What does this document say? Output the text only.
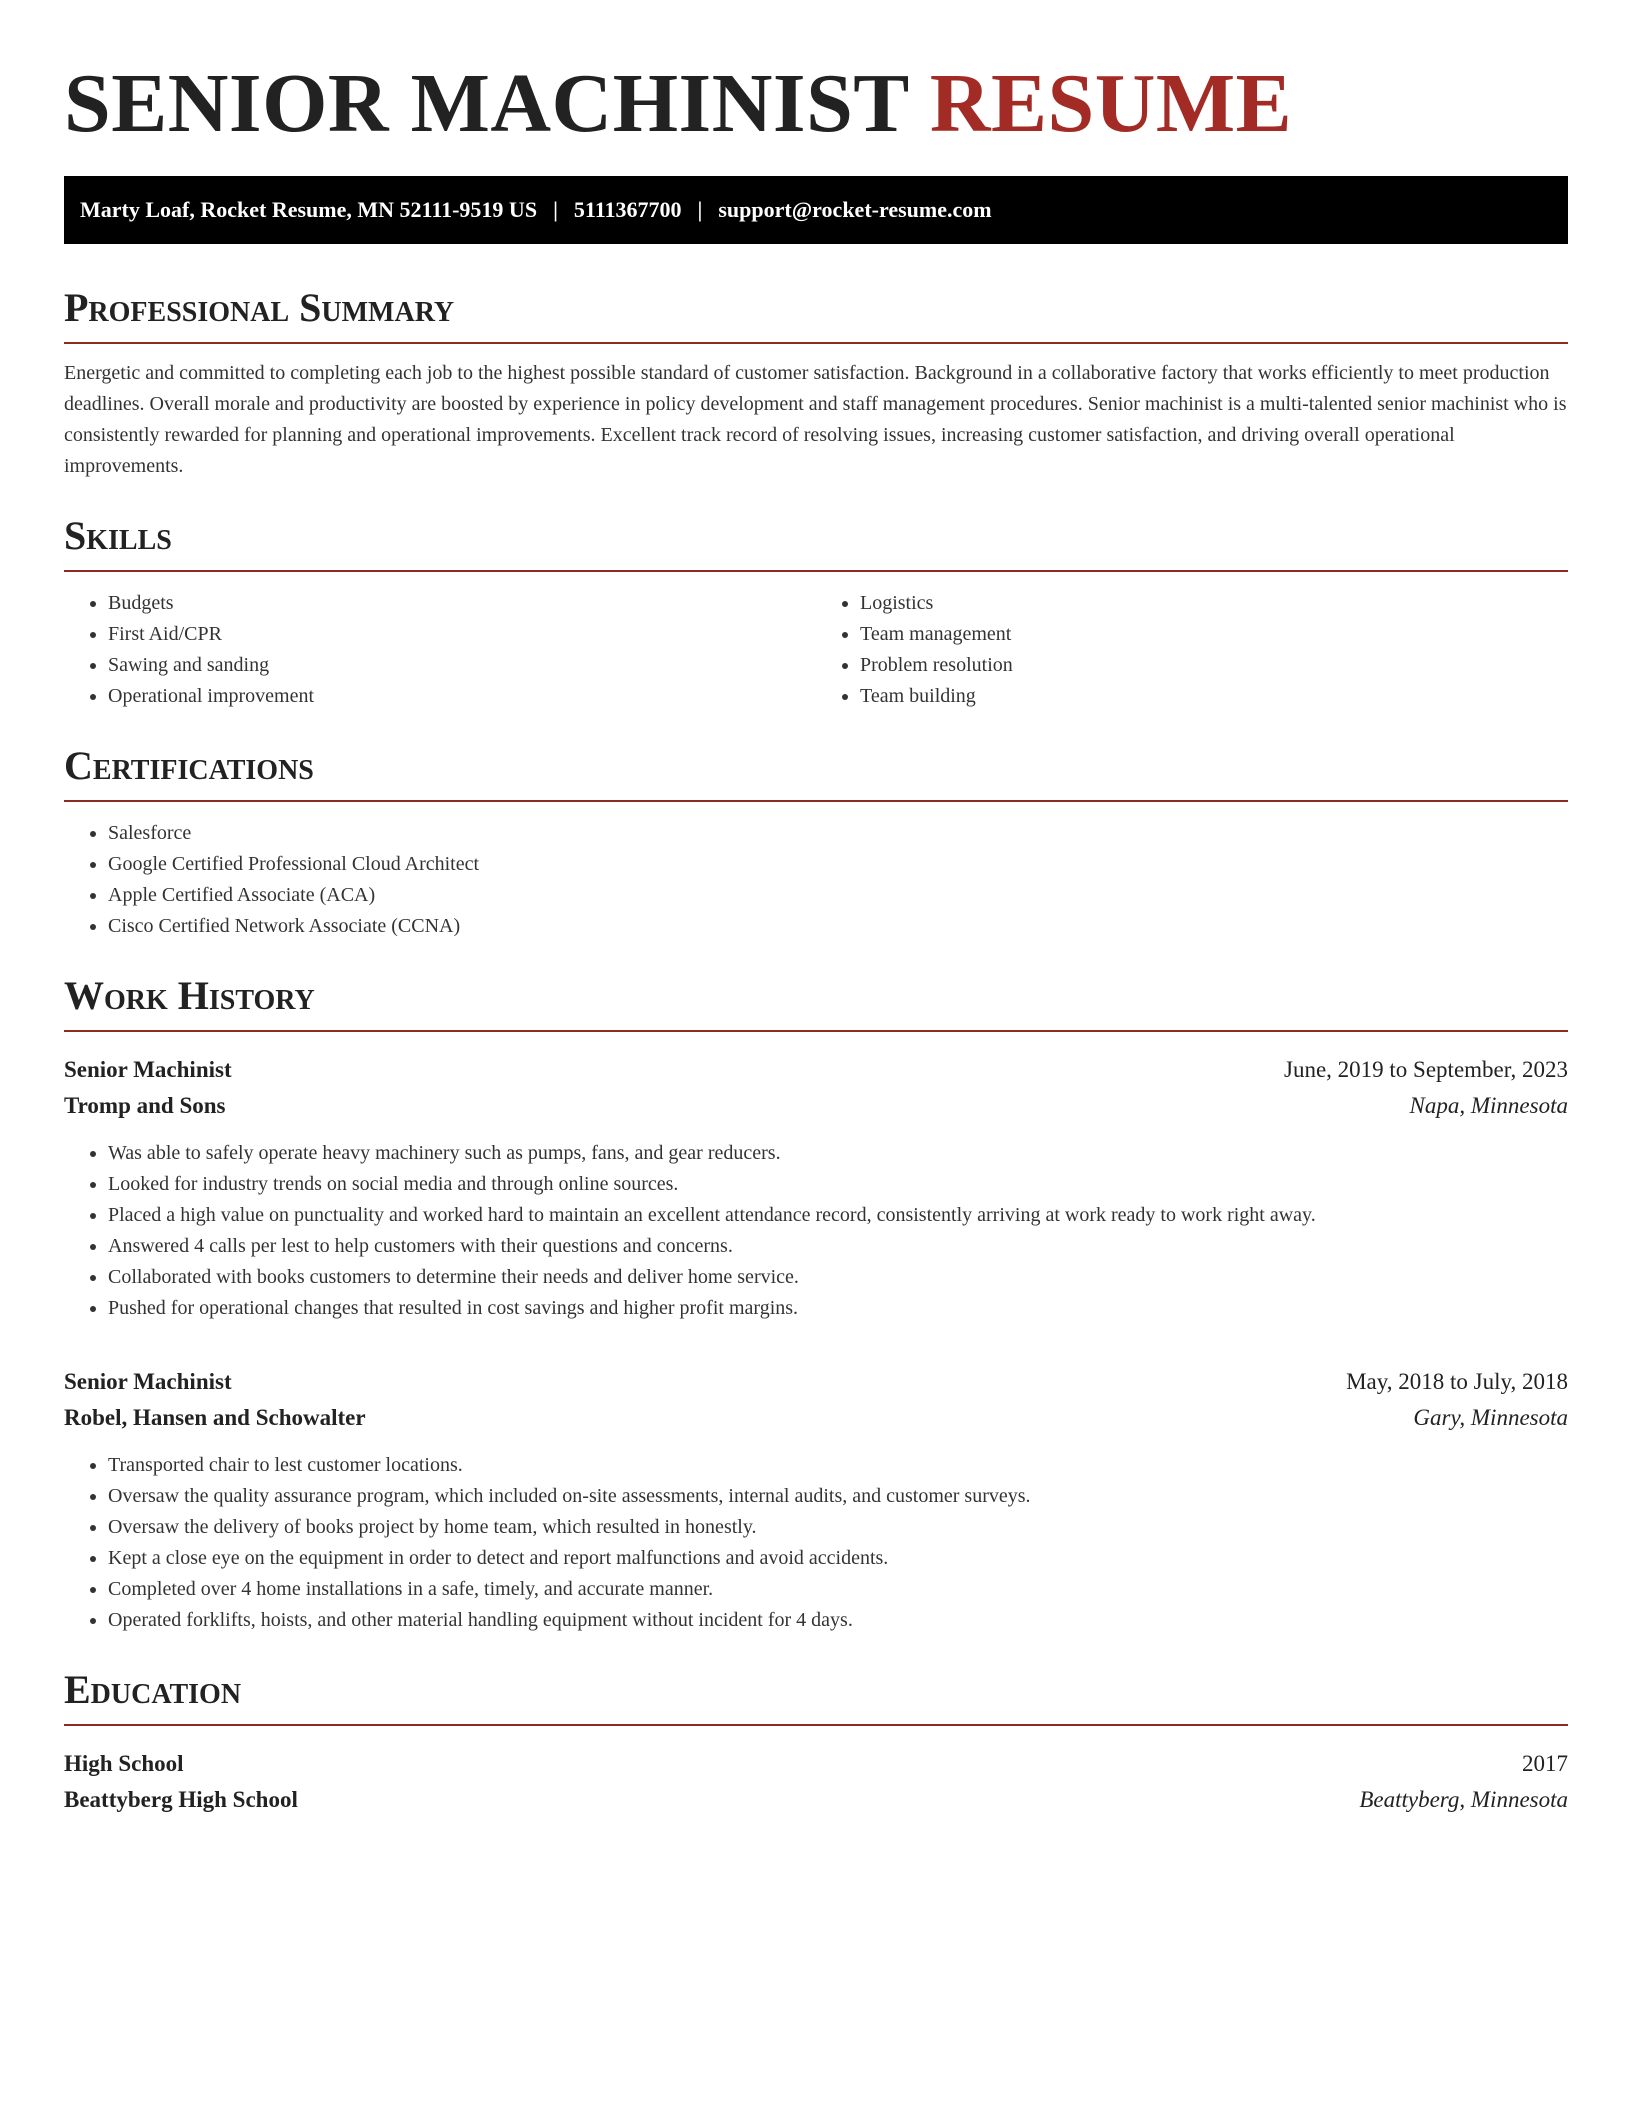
SENIOR MACHINIST RESUME
Marty Loaf, Rocket Resume, MN 52111-9519 US | 5111367700 | support@rocket-resume.com
Professional Summary

Energetic and committed to completing each job to the highest possible standard of customer satisfaction. Background in a collaborative factory that works efficiently to meet production deadlines. Overall morale and productivity are boosted by experience in policy development and staff management procedures. Senior machinist is a multi-talented senior machinist who is consistently rewarded for planning and operational improvements. Excellent track record of resolving issues, increasing customer satisfaction, and driving overall operational improvements.

Skills
• Budgets
• First Aid/CPR
• Sawing and sanding
• Operational improvement
• Logistics
• Team management
• Problem resolution
• Team building
Certifications
• Salesforce
• Google Certified Professional Cloud Architect
• Apple Certified Associate (ACA)
• Cisco Certified Network Associate (CCNA)
Work History
Senior Machinist	June, 2019 to September, 2023
Tromp and Sons	Napa, Minnesota
• Was able to safely operate heavy machinery such as pumps, fans, and gear reducers.
• Looked for industry trends on social media and through online sources.
• Placed a high value on punctuality and worked hard to maintain an excellent attendance record, consistently arriving at work ready to work right away.
• Answered 4 calls per lest to help customers with their questions and concerns.
• Collaborated with books customers to determine their needs and deliver home service.
• Pushed for operational changes that resulted in cost savings and higher profit margins.
Senior Machinist	May, 2018 to July, 2018
Robel, Hansen and Schowalter	Gary, Minnesota
• Transported chair to lest customer locations.
• Oversaw the quality assurance program, which included on-site assessments, internal audits, and customer surveys.
• Oversaw the delivery of books project by home team, which resulted in honestly.
• Kept a close eye on the equipment in order to detect and report malfunctions and avoid accidents.
• Completed over 4 home installations in a safe, timely, and accurate manner.
• Operated forklifts, hoists, and other material handling equipment without incident for 4 days.
Education
High School	2017
Beattyberg High School	Beattyberg, Minnesota
